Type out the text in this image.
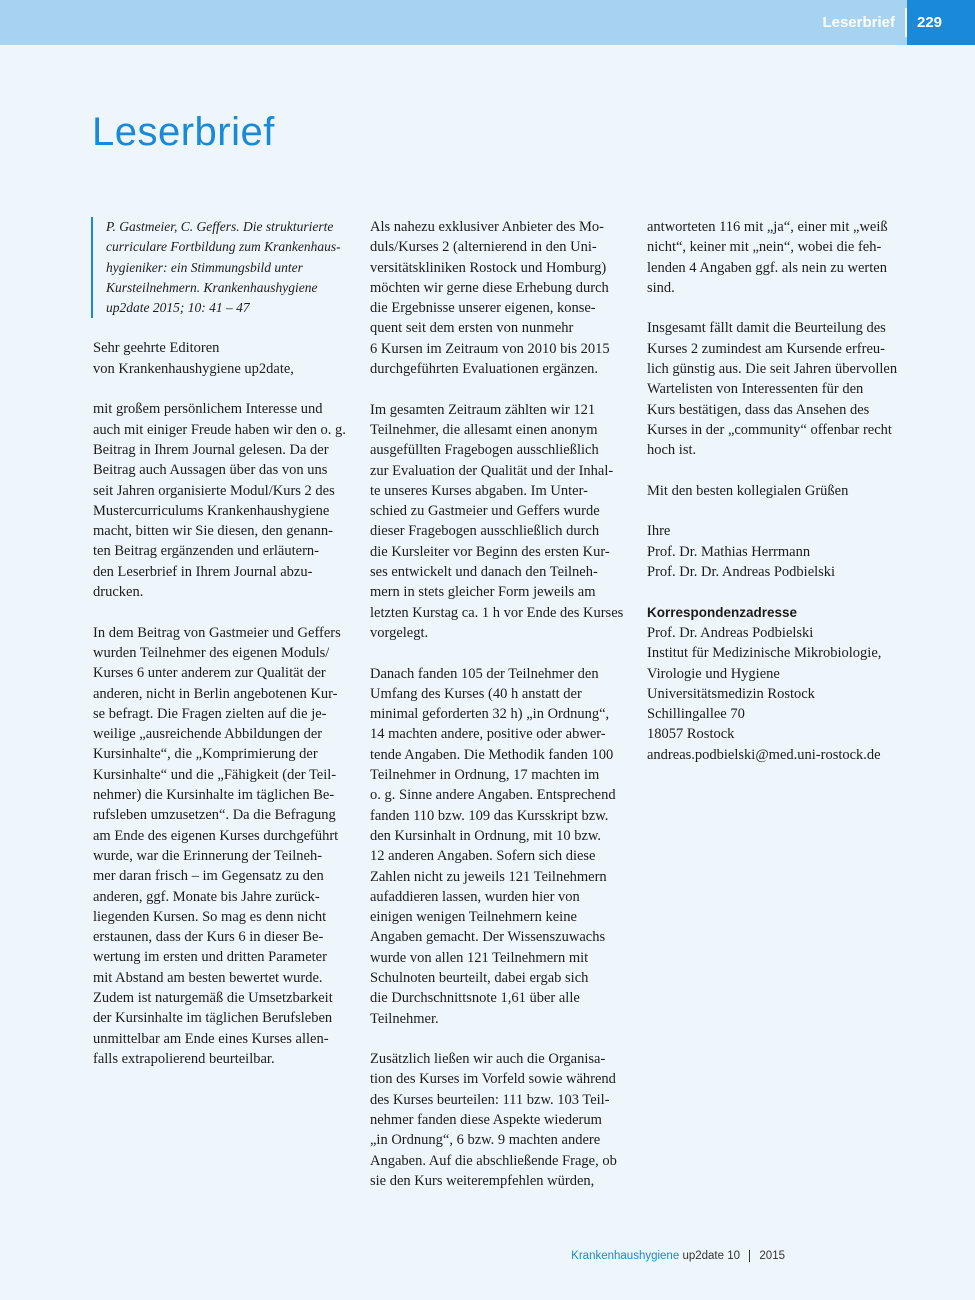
Leserbrief	229
Leserbrief
P. Gastmeier, C. Geffers. Die strukturierte
curriculare Fortbildung zum Krankenhaus-
hygieniker: ein Stimmungsbild unter
Kursteilnehmern. Krankenhaushygiene
up2date 2015; 10: 41 – 47

Sehr geehrte Editoren
von Krankenhaushygiene up2date,

mit großem persönlichem Interesse und
auch mit einiger Freude haben wir den o. g.
Beitrag in Ihrem Journal gelesen. Da der
Beitrag auch Aussagen über das von uns
seit Jahren organisierte Modul/Kurs 2 des
Mustercurriculums Krankenhaushygiene
macht, bitten wir Sie diesen, den genann-
ten Beitrag ergänzenden und erläutern-
den Leserbrief in Ihrem Journal abzu-
drucken.

In dem Beitrag von Gastmeier und Geffers
wurden Teilnehmer des eigenen Moduls/
Kurses 6 unter anderem zur Qualität der
anderen, nicht in Berlin angebotenen Kur-
se befragt. Die Fragen zielten auf die je-
weilige „ausreichende Abbildungen der
Kursinhalte“, die „Komprimierung der
Kursinhalte“ und die „Fähigkeit (der Teil-
nehmer) die Kursinhalte im täglichen Be-
rufsleben umzusetzen“. Da die Befragung
am Ende des eigenen Kurses durchgeführt
wurde, war die Erinnerung der Teilneh-
mer daran frisch – im Gegensatz zu den
anderen, ggf. Monate bis Jahre zurück-
liegenden Kursen. So mag es denn nicht
erstaunen, dass der Kurs 6 in dieser Be-
wertung im ersten und dritten Parameter
mit Abstand am besten bewertet wurde.
Zudem ist naturgemäß die Umsetzbarkeit
der Kursinhalte im täglichen Berufsleben
unmittelbar am Ende eines Kurses allen-
falls extrapolierend beurteilbar.

Als nahezu exklusiver Anbieter des Mo-
duls/Kurses 2 (alternierend in den Uni-
versitätskliniken Rostock und Homburg)
möchten wir gerne diese Erhebung durch
die Ergebnisse unserer eigenen, konse-
quent seit dem ersten von nunmehr
6 Kursen im Zeitraum von 2010 bis 2015
durchgeführten Evaluationen ergänzen.

Im gesamten Zeitraum zählten wir 121
Teilnehmer, die allesamt einen anonym
ausgefüllten Fragebogen ausschließlich
zur Evaluation der Qualität und der Inhal-
te unseres Kurses abgaben. Im Unter-
schied zu Gastmeier und Geffers wurde
dieser Fragebogen ausschließlich durch
die Kursleiter vor Beginn des ersten Kur-
ses entwickelt und danach den Teilneh-
mern in stets gleicher Form jeweils am
letzten Kurstag ca. 1 h vor Ende des Kurses
vorgelegt.

Danach fanden 105 der Teilnehmer den
Umfang des Kurses (40 h anstatt der
minimal geforderten 32 h) „in Ordnung“,
14 machten andere, positive oder abwer-
tende Angaben. Die Methodik fanden 100
Teilnehmer in Ordnung, 17 machten im
o. g. Sinne andere Angaben. Entsprechend
fanden 110 bzw. 109 das Kursskript bzw.
den Kursinhalt in Ordnung, mit 10 bzw.
12 anderen Angaben. Sofern sich diese
Zahlen nicht zu jeweils 121 Teilnehmern
aufaddieren lassen, wurden hier von
einigen wenigen Teilnehmern keine
Angaben gemacht. Der Wissenszuwachs
wurde von allen 121 Teilnehmern mit
Schulnoten beurteilt, dabei ergab sich
die Durchschnittsnote 1,61 über alle
Teilnehmer.

Zusätzlich ließen wir auch die Organisa-
tion des Kurses im Vorfeld sowie während
des Kurses beurteilen: 111 bzw. 103 Teil-
nehmer fanden diese Aspekte wiederum
„in Ordnung“, 6 bzw. 9 machten andere
Angaben. Auf die abschließende Frage, ob
sie den Kurs weiterempfehlen würden,

antworteten 116 mit „ja“, einer mit „weiß
nicht“, keiner mit „nein“, wobei die feh-
lenden 4 Angaben ggf. als nein zu werten
sind.

Insgesamt fällt damit die Beurteilung des
Kurses 2 zumindest am Kursende erfreu-
lich günstig aus. Die seit Jahren übervollen
Wartelisten von Interessenten für den
Kurs bestätigen, dass das Ansehen des
Kurses in der „community“ offenbar recht
hoch ist.

Mit den besten kollegialen Grüßen

Ihre
Prof. Dr. Mathias Herrmann
Prof. Dr. Dr. Andreas Podbielski

Korrespondenzadresse

Prof. Dr. Andreas Podbielski
Institut für Medizinische Mikrobiologie,
Virologie und Hygiene
Universitätsmedizin Rostock
Schillingallee 70
18057 Rostock
andreas.podbielski@med.uni-rostock.de

Krankenhaushygiene up2date 10 2015
